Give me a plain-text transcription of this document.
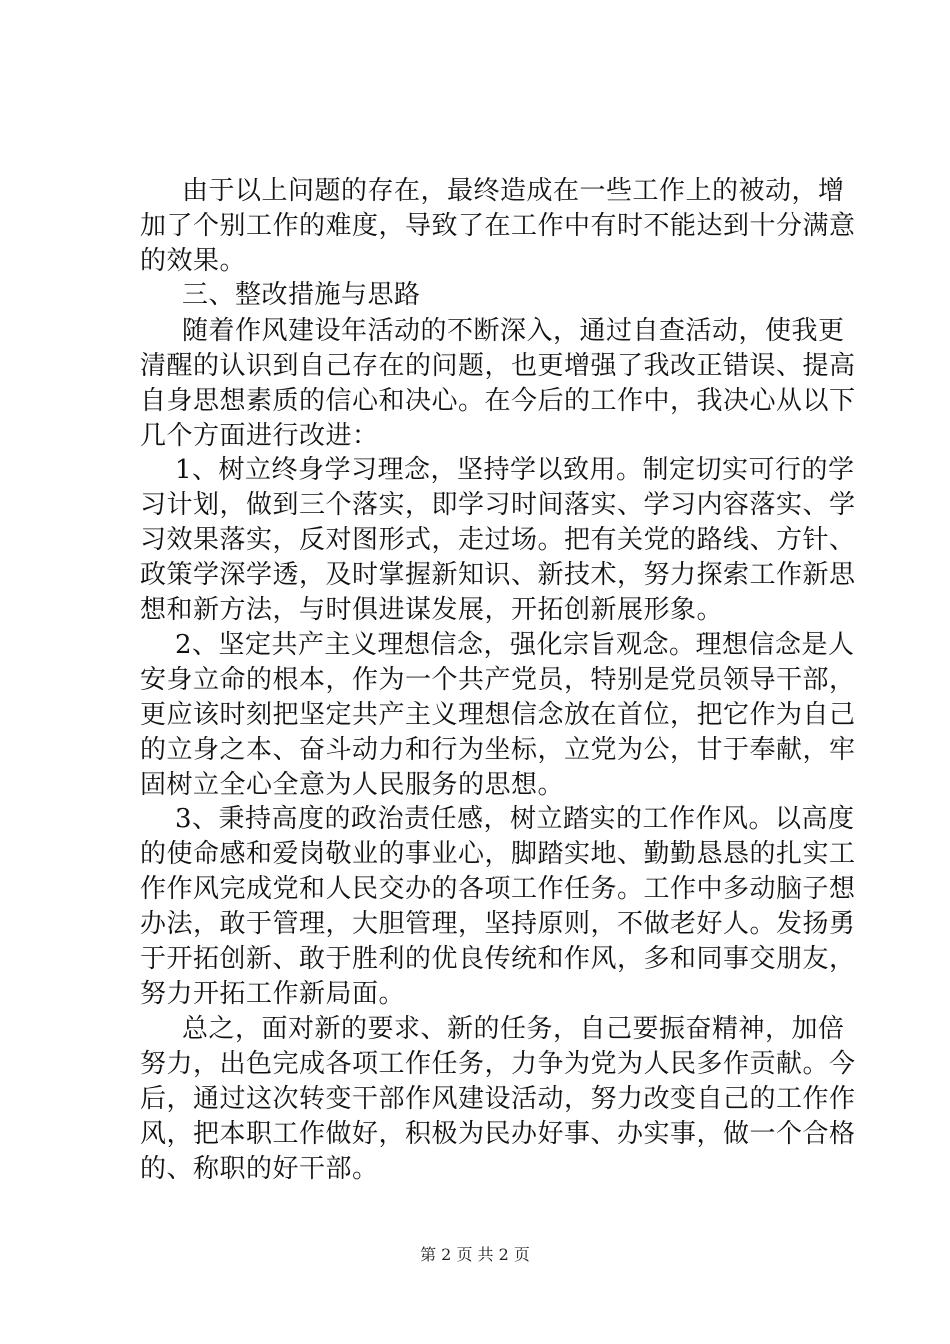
由于以上问题的存在，最终造成在一些工作上的被动，增
加了个别工作的难度，导致了在工作中有时不能达到十分满意
的效果。
三、整改措施与思路
随着作风建设年活动的不断深入，通过自查活动，使我更
清醒的认识到自己存在的问题，也更增强了我改正错误、提高
自身思想素质的信心和决心。在今后的工作中，我决心从以下
几个方面进行改进：
1、树立终身学习理念，坚持学以致用。制定切实可行的学
习计划，做到三个落实，即学习时间落实、学习内容落实、学
习效果落实，反对图形式，走过场。把有关党的路线、方针、
政策学深学透，及时掌握新知识、新技术，努力探索工作新思
想和新方法，与时俱进谋发展，开拓创新展形象。
2、坚定共产主义理想信念，强化宗旨观念。理想信念是人
安身立命的根本，作为一个共产党员，特别是党员领导干部，
更应该时刻把坚定共产主义理想信念放在首位，把它作为自己
的立身之本、奋斗动力和行为坐标，立党为公，甘于奉献，牢
固树立全心全意为人民服务的思想。
3、秉持高度的政治责任感，树立踏实的工作作风。以高度
的使命感和爱岗敬业的事业心，脚踏实地、勤勤恳恳的扎实工
作作风完成党和人民交办的各项工作任务。工作中多动脑子想
办法，敢于管理，大胆管理，坚持原则，不做老好人。发扬勇
于开拓创新、敢于胜利的优良传统和作风，多和同事交朋友，
努力开拓工作新局面。
总之，面对新的要求、新的任务，自己要振奋精神，加倍
努力，出色完成各项工作任务，力争为党为人民多作贡献。今
后，通过这次转变干部作风建设活动，努力改变自己的工作作
风，把本职工作做好，积极为民办好事、办实事，做一个合格
的、称职的好干部。
第 2 页 共 2 页
